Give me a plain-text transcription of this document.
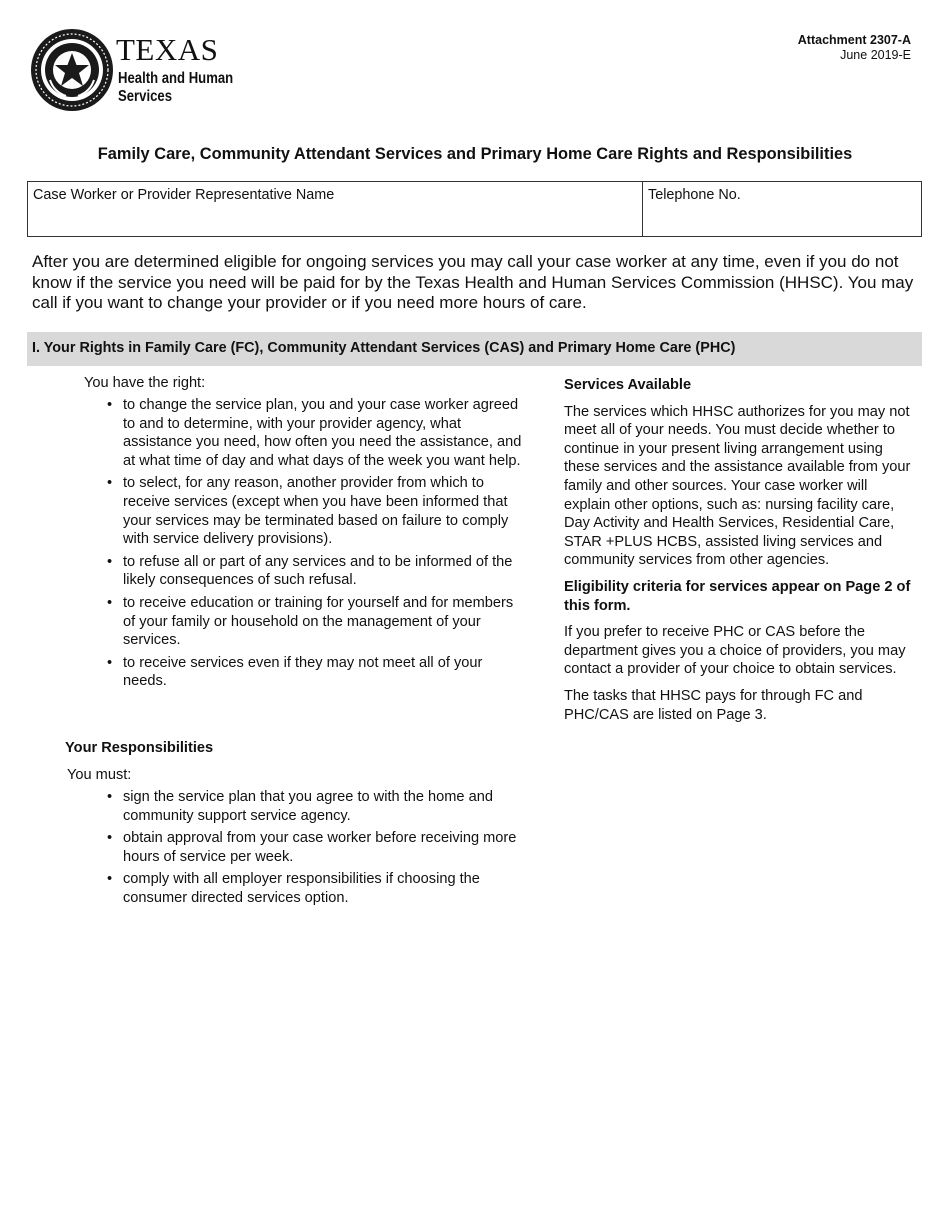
TEXAS
Health and Human
Services
Attachment 2307-A
June 2019-E
Family Care, Community Attendant Services and Primary Home Care Rights and Responsibilities
Case Worker or Provider Representative Name	Telephone No.
After you are determined eligible for ongoing services you may call your case worker at any time, even if you do not know if the service you need will be paid for by the Texas Health and Human Services Commission (HHSC). You may call if you want to change your provider or if you need more hours of care.
I. Your Rights in Family Care (FC), Community Attendant Services (CAS) and Primary Home Care (PHC)
You have the right:
• to change the service plan, you and your case worker agreed to and to determine, with your provider agency, what assistance you need, how often you need the assistance, and at what time of day and what days of the week you want help.
• to select, for any reason, another provider from which to receive services (except when you have been informed that your services may be terminated based on failure to comply with service delivery provisions).
• to refuse all or part of any services and to be informed of the likely consequences of such refusal.
• to receive education or training for yourself and for members of your family or household on the management of your services.
• to receive services even if they may not meet all of your needs.
Your Responsibilities
You must:
• sign the service plan that you agree to with the home and community support service agency.
• obtain approval from your case worker before receiving more hours of service per week.
• comply with all employer responsibilities if choosing the consumer directed services option.
Services Available

The services which HHSC authorizes for you may not meet all of your needs. You must decide whether to continue in your present living arrangement using these services and the assistance available from your family and other sources. Your case worker will explain other options, such as: nursing facility care, Day Activity and Health Services, Residential Care, STAR +PLUS HCBS, assisted living services and community services from other agencies.

Eligibility criteria for services appear on Page 2 of this form.

If you prefer to receive PHC or CAS before the department gives you a choice of providers, you may contact a provider of your choice to obtain services.

The tasks that HHSC pays for through FC and PHC/CAS are listed on Page 3.
